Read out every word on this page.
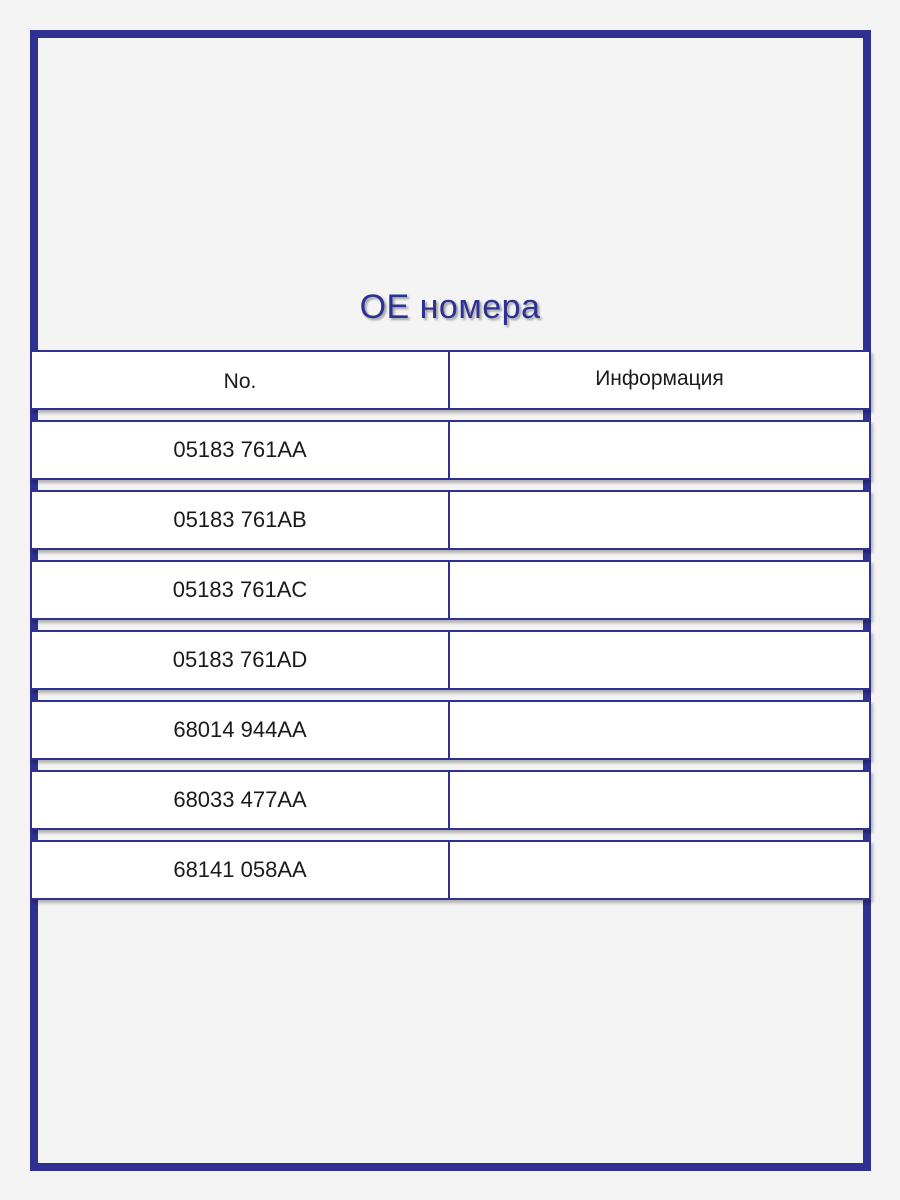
OE номера
No.	Информация
05183 761AA
05183 761AB
05183 761AC
05183 761AD
68014 944AA
68033 477AA
68141 058AA
